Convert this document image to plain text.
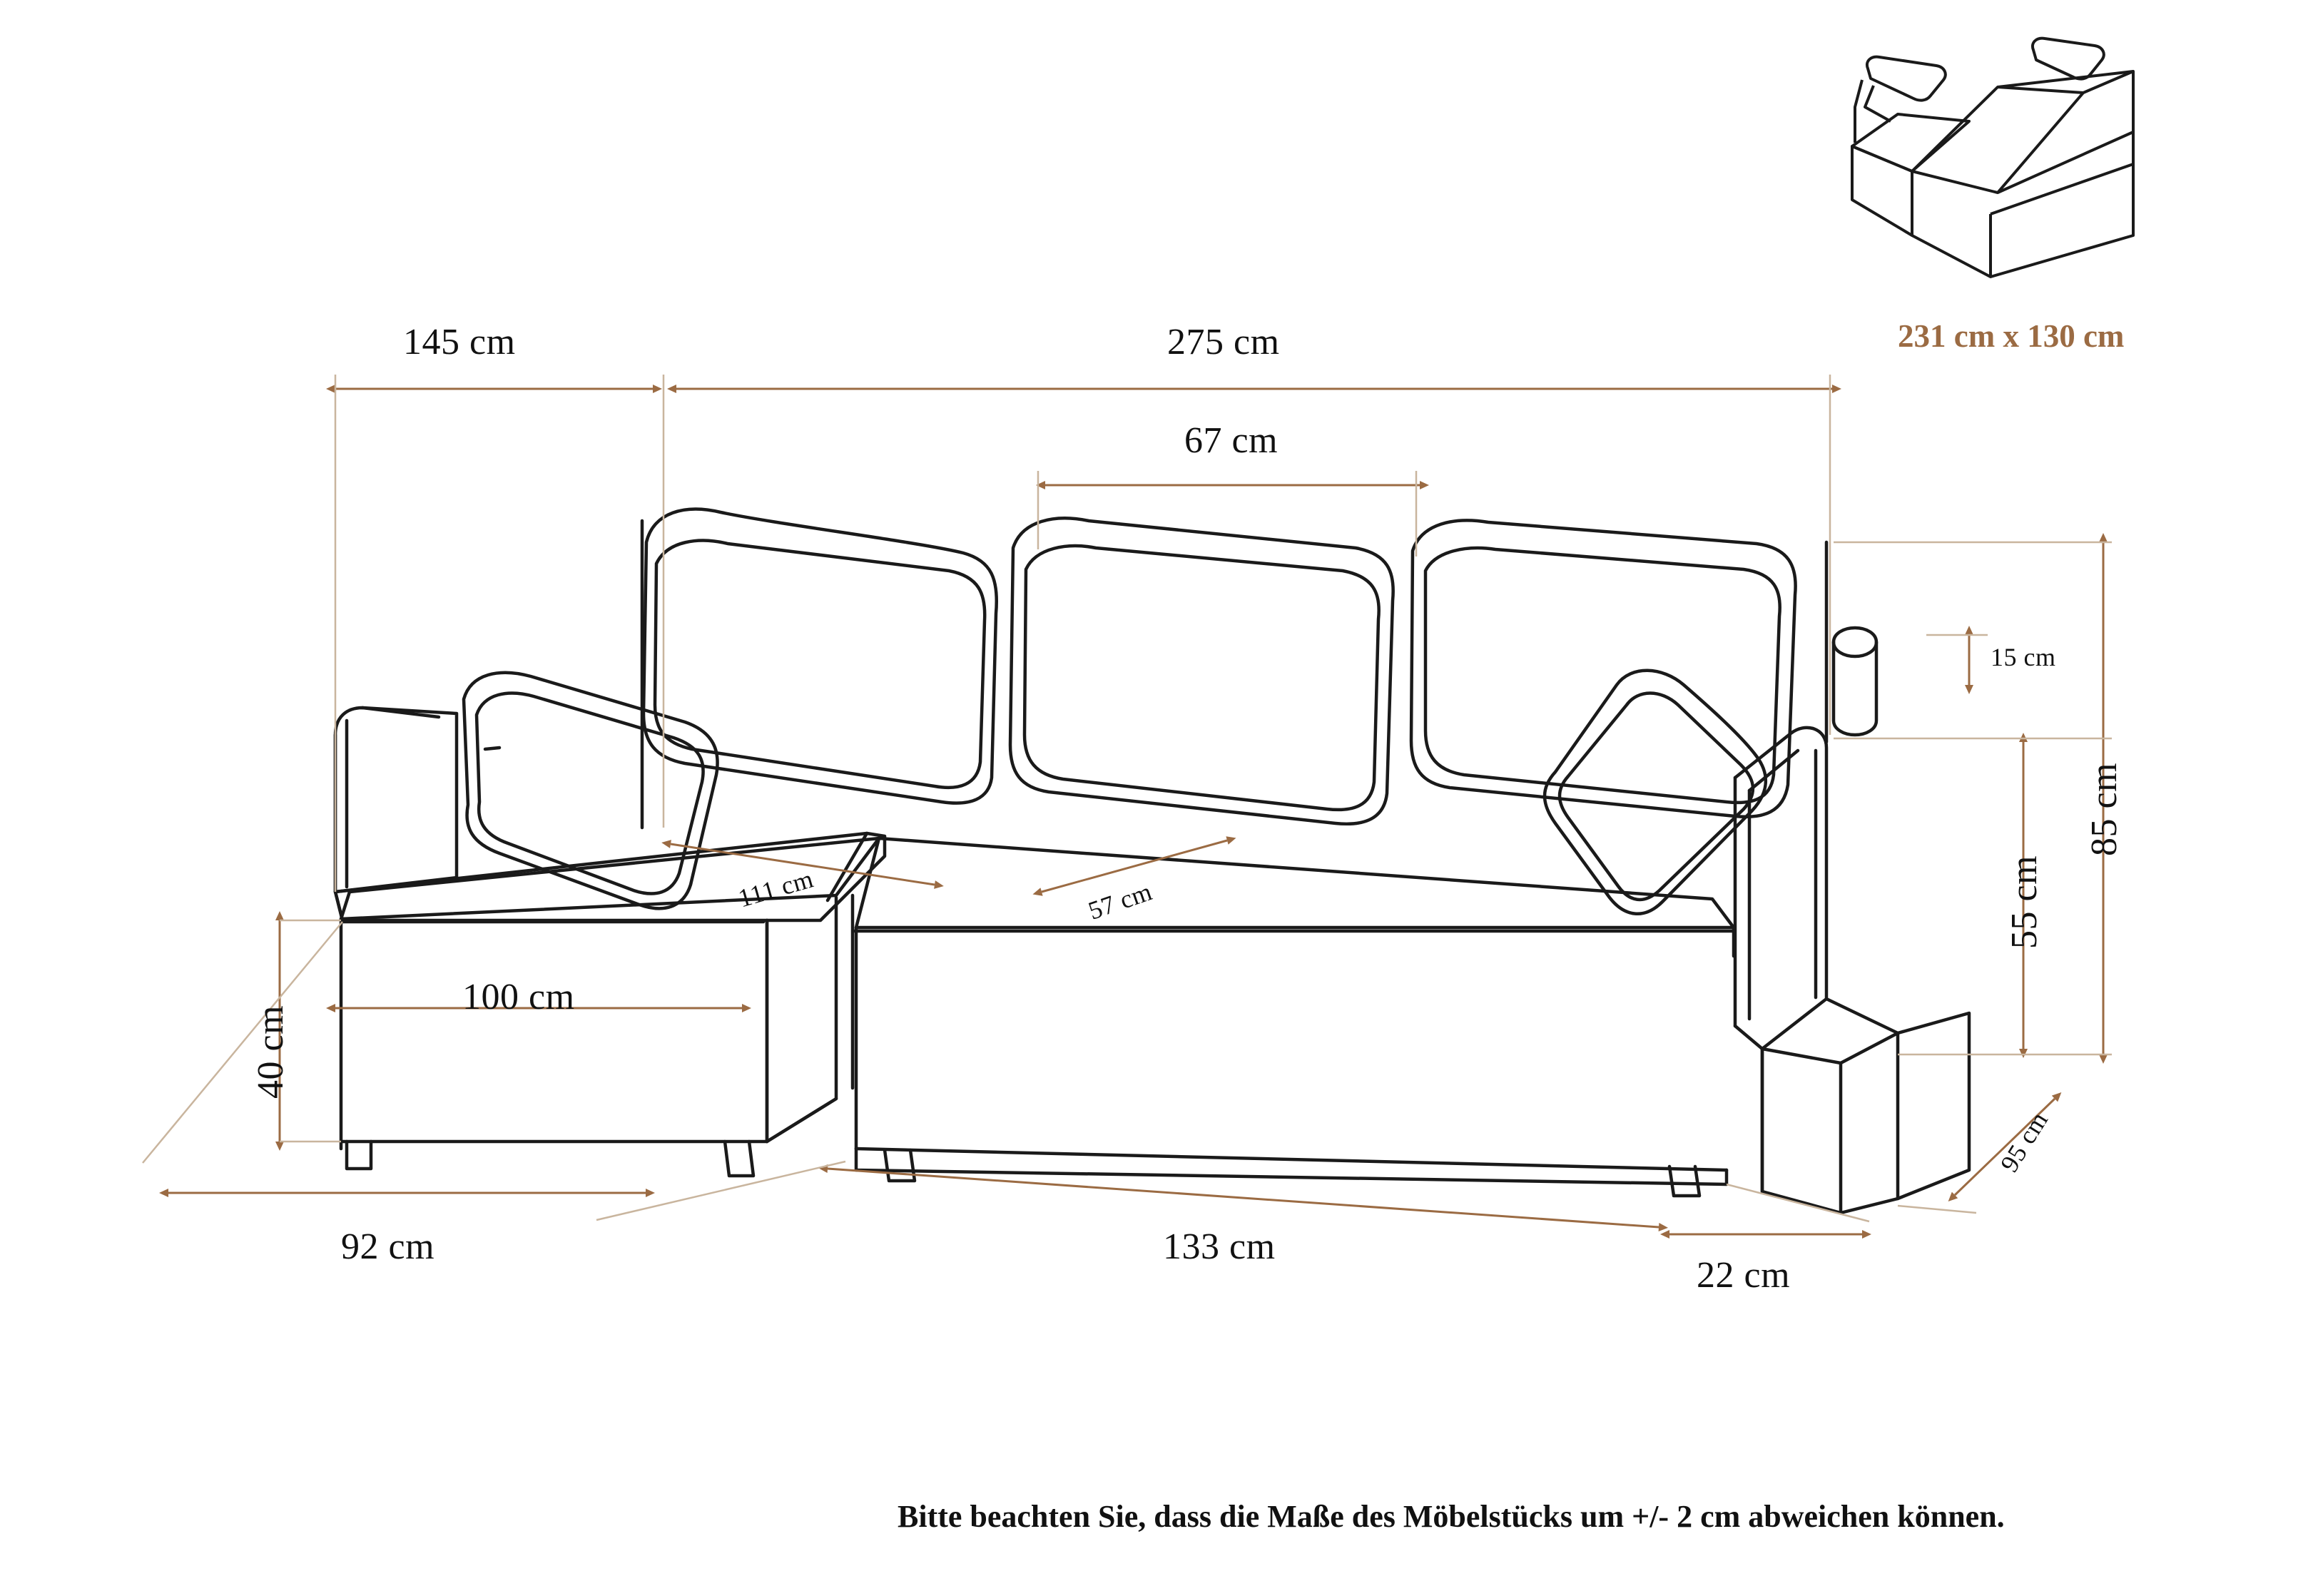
145 cm	275 cm
67 cm
111 cm	57 cm
100 cm
40 cm
92 cm	133 cm
22 cm
95 cm
15 cm
55 cm
85 cm
231 cm x 130 cm
Bitte beachten Sie, dass die Maße des Möbelstücks um +/- 2 cm abweichen können.
